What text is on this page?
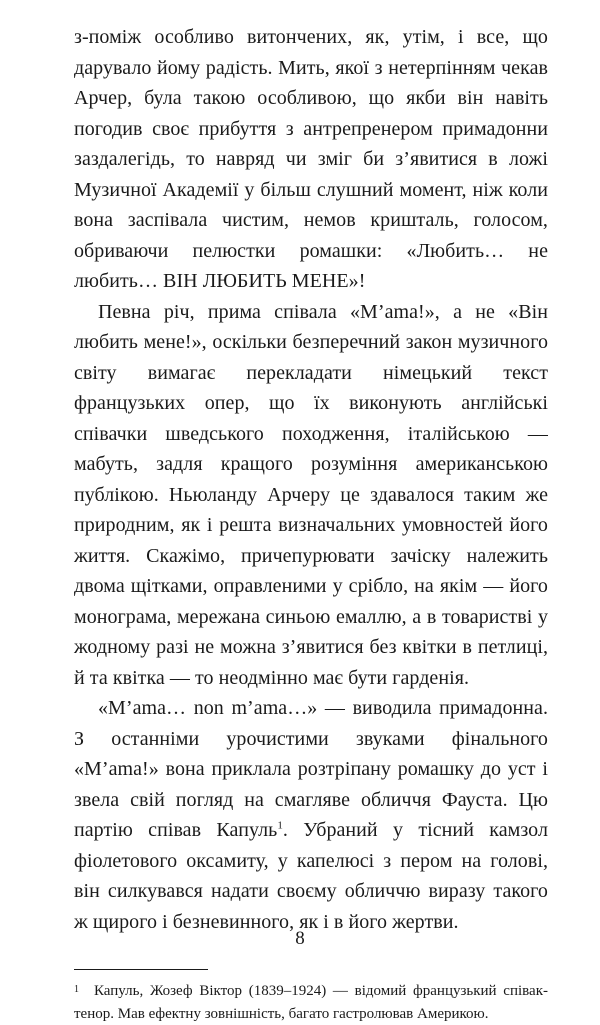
з-поміж особливо витончених, як, утім, і все, що дарувало йому радість. Мить, якої з нетерпінням чекав Арчер, була такою особливою, що якби він навіть погодив своє прибуття з антрепренером примадонни заздалегідь, то навряд чи зміг би з’явитися в ложі Музичної Академії у більш слушний момент, ніж коли вона заспівала чистим, немов кришталь, голосом, обриваючи пелюстки ромашки: «Любить… не любить… ВІН ЛЮБИТЬ МЕНЕ»!

Певна річ, прима співала «M’ama!», а не «Він любить мене!», оскільки безперечний закон музичного світу вимагає перекладати німецький текст французьких опер, що їх виконують англійські співачки шведського походження, італійською — мабуть, задля кращого розуміння американською публікою. Ньюланду Арчеру це здавалося таким же природним, як і решта визначальних умовностей його життя. Скажімо, причепурювати зачіску належить двома щітками, оправленими у срібло, на якім — його монограма, мережана синьою емаллю, а в товаристві у жодному разі не можна з’явитися без квітки в петлиці, й та квітка — то неодмінно має бути гарденія.

«M’ama… non m’ama…» — виводила примадонна. З останніми урочистими звуками фінального «M’ama!» вона приклала розтріпану ромашку до уст і звела свій погляд на смагляве обличчя Фауста. Цю партію співав Капуль$^1$. Убраний у тісний камзол фіолетового оксамиту, у капелюсі з пером на голові, він силкувався надати своєму обличчю виразу такого ж щирого і безневинного, як і в його жертви.

1 Капуль, Жозеф Віктор (1839–1924) — відомий французький співак-тенор. Мав ефектну зовнішність, багато гастролював Америкою.
8
